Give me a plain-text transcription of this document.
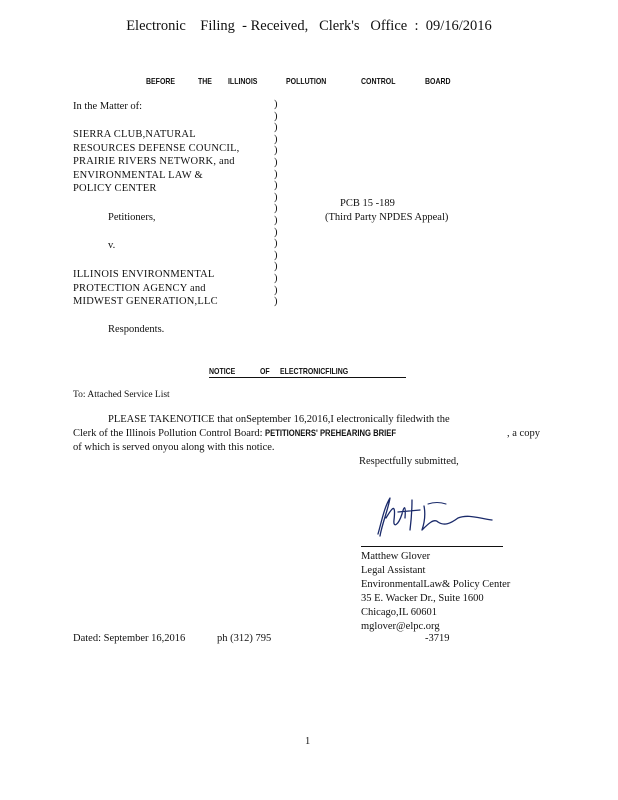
Electronic    Filing  - Received,   Clerk's   Office  :  09/16/2016
BEFORE	THE ILLINOIS	POLLUTION	CONTROL	BOARD
In the Matter of:
SIERRA CLUB,NATURAL
RESOURCES DEFENSE COUNCIL,
PRAIRIE RIVERS NETWORK, and
ENVIRONMENTAL LAW &
POLICY CENTER
Petitioners,
v.
ILLINOIS ENVIRONMENTAL
PROTECTION AGENCY and
MIDWEST GENERATION,LLC
Respondents.
)
)
)
)
)
)
)
)
)
)
)
)
)
)
)
)
)
)
PCB 15 -189
(Third Party NPDES Appeal)
NOTICE	OF ELECTRONICFILING
To: Attached Service List
PLEASE TAKENOTICE that onSeptember 16,2016,I electronically filedwith the
Clerk of the Illinois Pollution Control Board: PETITIONERS' PREHEARING BRIEF	, a copy
of which is served onyou along with this notice.
Respectfully submitted,
Matthew Glover
Legal Assistant
EnvironmentalLaw& Policy Center
35 E. Wacker Dr., Suite 1600
Chicago,IL 60601
mglover@elpc.org
Dated: September 16,2016	ph (312) 795	-3719
1
